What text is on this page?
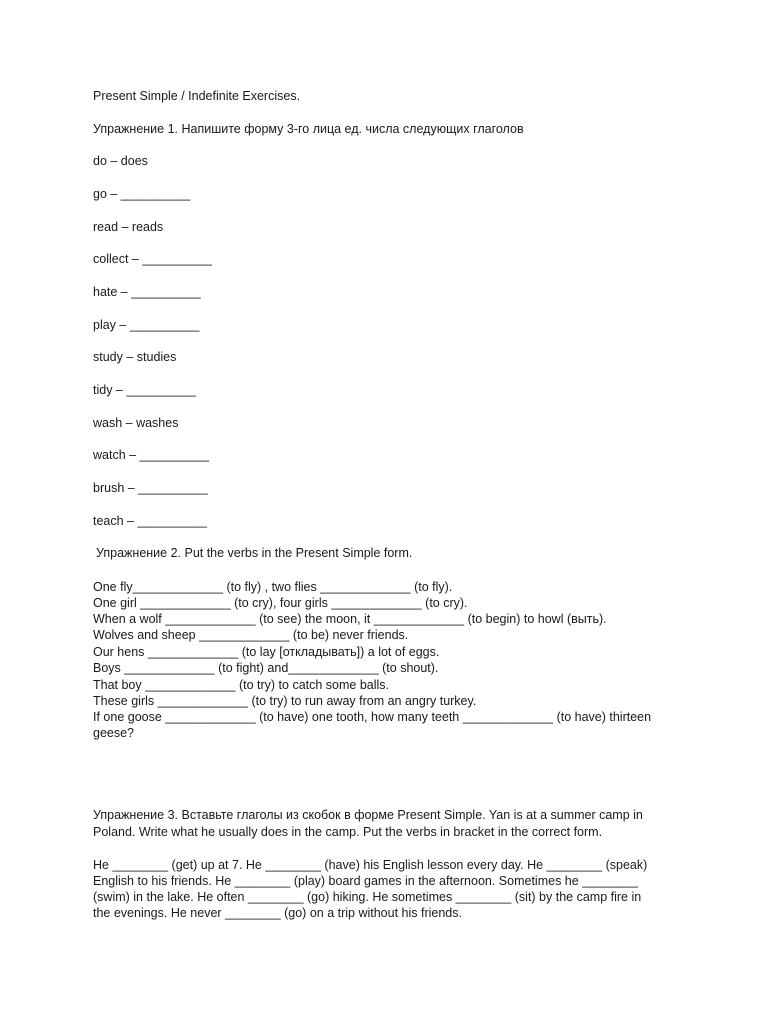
Present Simple / Indefinite Exercises.
Упражнение 1. Напишите форму 3-го лица ед. числа следующих глаголов
do – does
go – __________
read – reads
collect – __________
hate – __________
play – __________
study – studies
tidy – __________
wash – washes
watch – __________
brush – __________
teach – __________
Упражнение 2. Put the verbs in the Present Simple form.
One fly_____________ (to fly) , two flies _____________ (to fly).
One girl _____________ (to cry), four girls _____________ (to cry).
When a wolf _____________ (to see) the moon, it _____________ (to begin) to howl (выть).
Wolves and sheep _____________ (to be) never friends.
Our hens _____________ (to lay [откладывать]) a lot of eggs.
Boys _____________ (to fight) and_____________ (to shout).
That boy _____________ (to try) to catch some balls.
These girls _____________ (to try) to run away from an angry turkey.
If one goose _____________ (to have) one tooth, how many teeth _____________ (to have) thirteen
geese?
Упражнение 3. Вставьте глаголы из скобок в форме Present Simple. Yan is at a summer camp in
Poland. Write what he usually does in the camp. Put the verbs in bracket in the correct form.
He ________ (get) up at 7. He ________ (have) his English lesson every day. He ________ (speak)
English to his friends. He ________ (play) board games in the afternoon. Sometimes he ________
(swim) in the lake. He often ________ (go) hiking. He sometimes ________ (sit) by the camp fire in
the evenings. He never ________ (go) on a trip without his friends.
